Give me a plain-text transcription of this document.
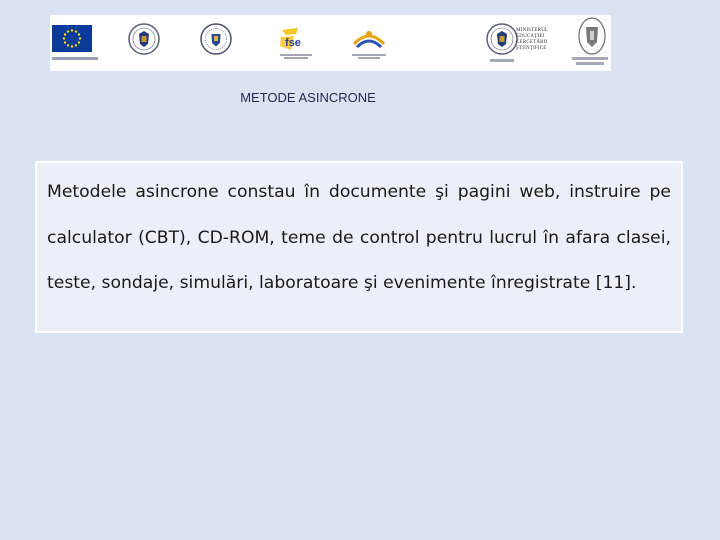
fse
MINISTERUL
EDUCAŢIEI
CERCETĂRII
ŞTIINŢIFICE
METODE ASINCRONE

Metodele asincrone constau în documente şi pagini web, instruire pe calculator (CBT), CD-ROM, teme de control pentru lucrul în afara clasei, teste, sondaje, simulări, laboratoare şi evenimente înregistrate [11].
